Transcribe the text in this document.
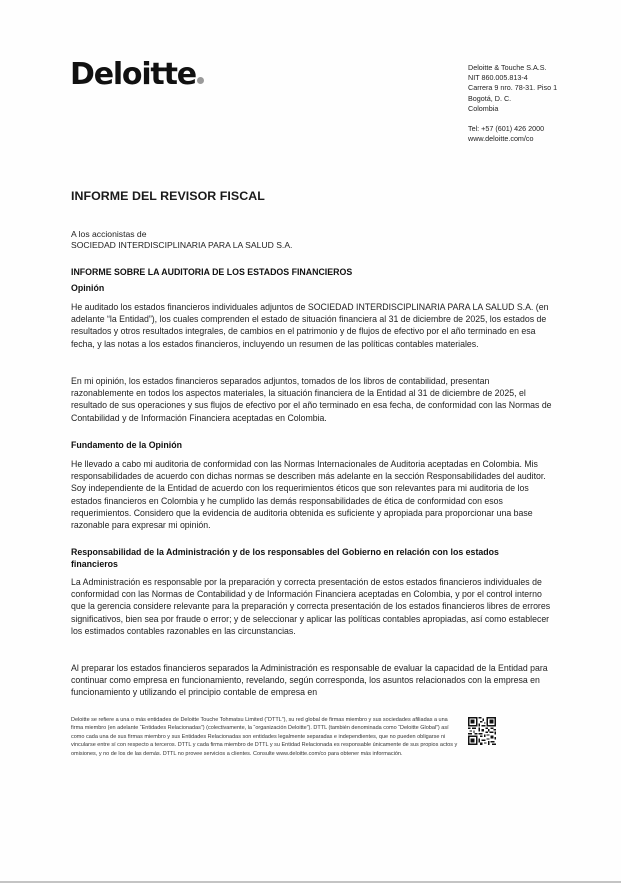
Deloitte	Deloitte & Touche S.A.S.
NIT 860.005.813-4
Carrera 9 nro. 78-31. Piso 1
Bogotá, D. C.
Colombia
Tel: +57 (601) 426 2000
www.deloitte.com/co
INFORME DEL REVISOR FISCAL
A los accionistas de
SOCIEDAD INTERDISCIPLINARIA PARA LA SALUD S.A.
INFORME SOBRE LA AUDITORIA DE LOS ESTADOS FINANCIEROS
Opinión
He auditado los estados financieros individuales adjuntos de SOCIEDAD INTERDISCIPLINARIA PARA LA SALUD S.A. (en adelante “la Entidad”), los cuales comprenden el estado de situación financiera al 31 de diciembre de 2025, los estados de resultados y otros resultados integrales, de cambios en el patrimonio y de flujos de efectivo por el año terminado en esa fecha, y las notas a los estados financieros, incluyendo un resumen de las políticas contables materiales.
En mi opinión, los estados financieros separados adjuntos, tomados de los libros de contabilidad, presentan razonablemente en todos los aspectos materiales, la situación financiera de la Entidad al 31 de diciembre de 2025, el resultado de sus operaciones y sus flujos de efectivo por el año terminado en esa fecha, de conformidad con las Normas de Contabilidad y de Información Financiera aceptadas en Colombia.
Fundamento de la Opinión
He llevado a cabo mi auditoria de conformidad con las Normas Internacionales de Auditoria aceptadas en Colombia. Mis responsabilidades de acuerdo con dichas normas se describen más adelante en la sección Responsabilidades del auditor. Soy independiente de la Entidad de acuerdo con los requerimientos éticos que son relevantes para mi auditoria de los estados financieros en Colombia y he cumplido las demás responsabilidades de ética de conformidad con esos requerimientos. Considero que la evidencia de auditoria obtenida es suficiente y apropiada para proporcionar una base razonable para expresar mi opinión.
Responsabilidad de la Administración y de los responsables del Gobierno en relación con los estados financieros
La Administración es responsable por la preparación y correcta presentación de estos estados financieros individuales de conformidad con las Normas de Contabilidad y de Información Financiera aceptadas en Colombia, y por el control interno que la gerencia considere relevante para la preparación y correcta presentación de los estados financieros libres de errores significativos, bien sea por fraude o error; y de seleccionar y aplicar las políticas contables apropiadas, así como establecer los estimados contables razonables en las circunstancias.
Al preparar los estados financieros separados la Administración es responsable de evaluar la capacidad de la Entidad para continuar como empresa en funcionamiento, revelando, según corresponda, los asuntos relacionados con la empresa en funcionamiento y utilizando el principio contable de empresa en
Deloitte se refiere a una o más entidades de Deloitte Touche Tohmatsu Limited (“DTTL”), su red global de firmas miembro y sus sociedades afiliadas a una firma miembro (en adelante “Entidades Relacionadas”) (colectivamente, la “organización Deloitte”). DTTL (también denominada como “Deloitte Global”) así como cada una de sus firmas miembro y sus Entidades Relacionadas son entidades legalmente separadas e independientes, que no pueden obligarse ni vincularse entre sí con respecto a terceros. DTTL y cada firma miembro de DTTL y su Entidad Relacionada es responsable únicamente de sus propios actos y omisiones, y no de los de las demás. DTTL no provee servicios a clientes. Consulte www.deloitte.com/co para obtener más información.
